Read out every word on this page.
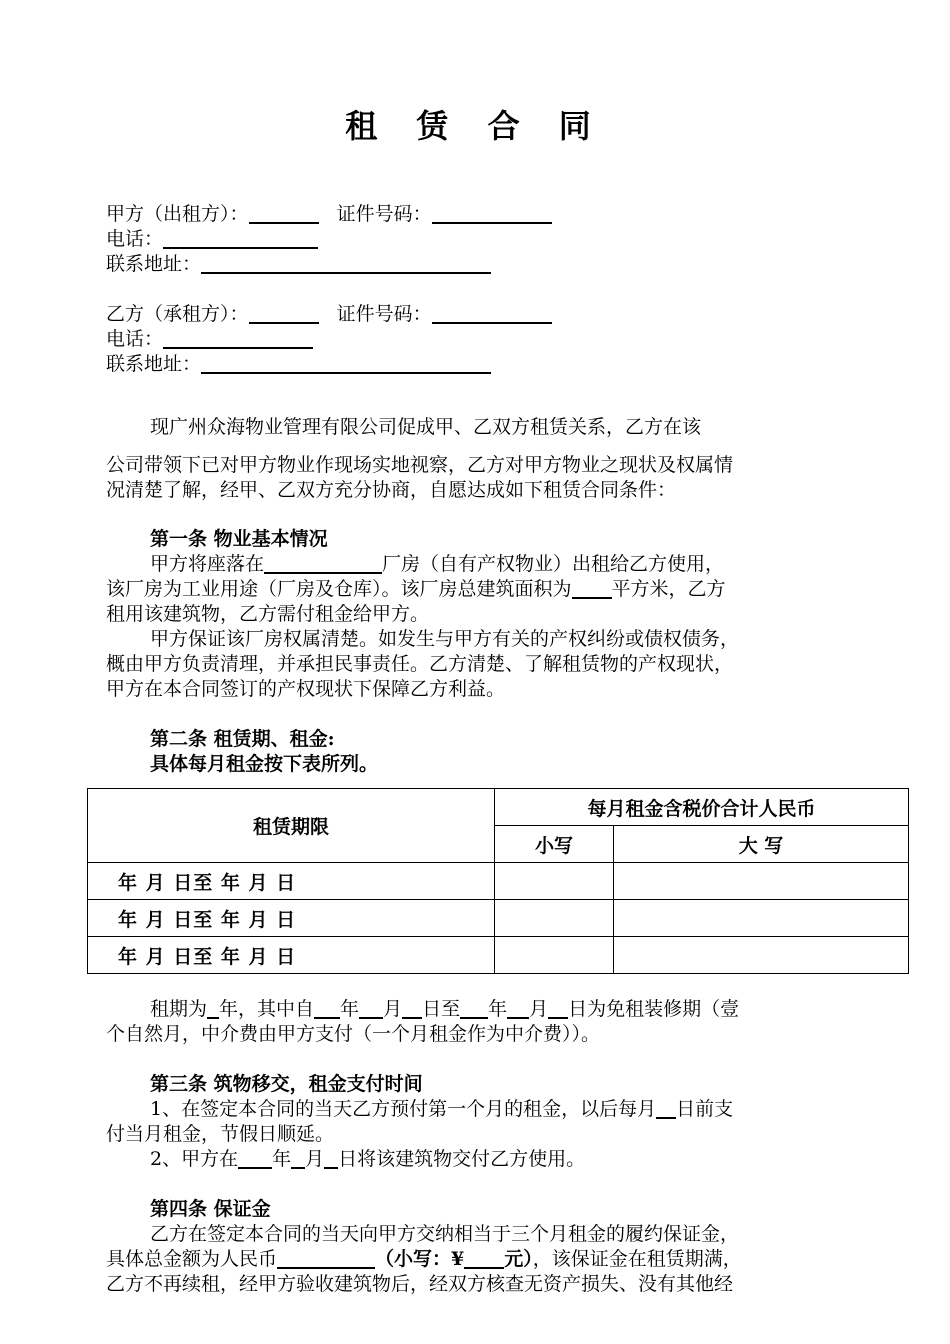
租 赁 合 同
甲方（出租方）：	证件号码：
电话：
联系地址：
乙方（承租方）：	证件号码：
电话：
联系地址：
现广州众海物业管理有限公司促成甲、乙双方租赁关系，乙方在该
公司带领下已对甲方物业作现场实地视察，乙方对甲方物业之现状及权属情
况清楚了解，经甲、乙双方充分协商，自愿达成如下租赁合同条件：
第一条 物业基本情况
甲方将座落在	厂房（自有产权物业）出租给乙方使用，
该厂房为工业用途（厂房及仓库）。该厂房总建筑面积为 平方米，乙方
租用该建筑物，乙方需付租金给甲方。
甲方保证该厂房权属清楚。如发生与甲方有关的产权纠纷或债权债务，
概由甲方负责清理，并承担民事责任。乙方清楚、了解租赁物的产权现状，
甲方在本合同签订的产权现状下保障乙方利益。
第二条 租赁期、租金:
具体每月租金按下表所列。
租赁期限	每月租金含税价合计人民币	
	小写	大 写
年 月 日至 年 月 日		
年 月 日至 年 月 日		
年 月 日至 年 月 日		
租期为 年，其中自 年 月 日至 年 月 日为免租装修期（壹
个自然月，中介费由甲方支付（一个月租金作为中介费））。
第三条 筑物移交，租金支付时间
1、在签定本合同的当天乙方预付第一个月的租金，以后每月 日前支
付当月租金，节假日顺延。
2、甲方在 年 月 日将该建筑物交付乙方使用。
第四条 保证金
乙方在签定本合同的当天向甲方交纳相当于三个月租金的履约保证金，
具体总金额为人民币	（小写：¥ 元），该保证金在租赁期满，
乙方不再续租，经甲方验收建筑物后，经双方核查无资产损失、没有其他经
